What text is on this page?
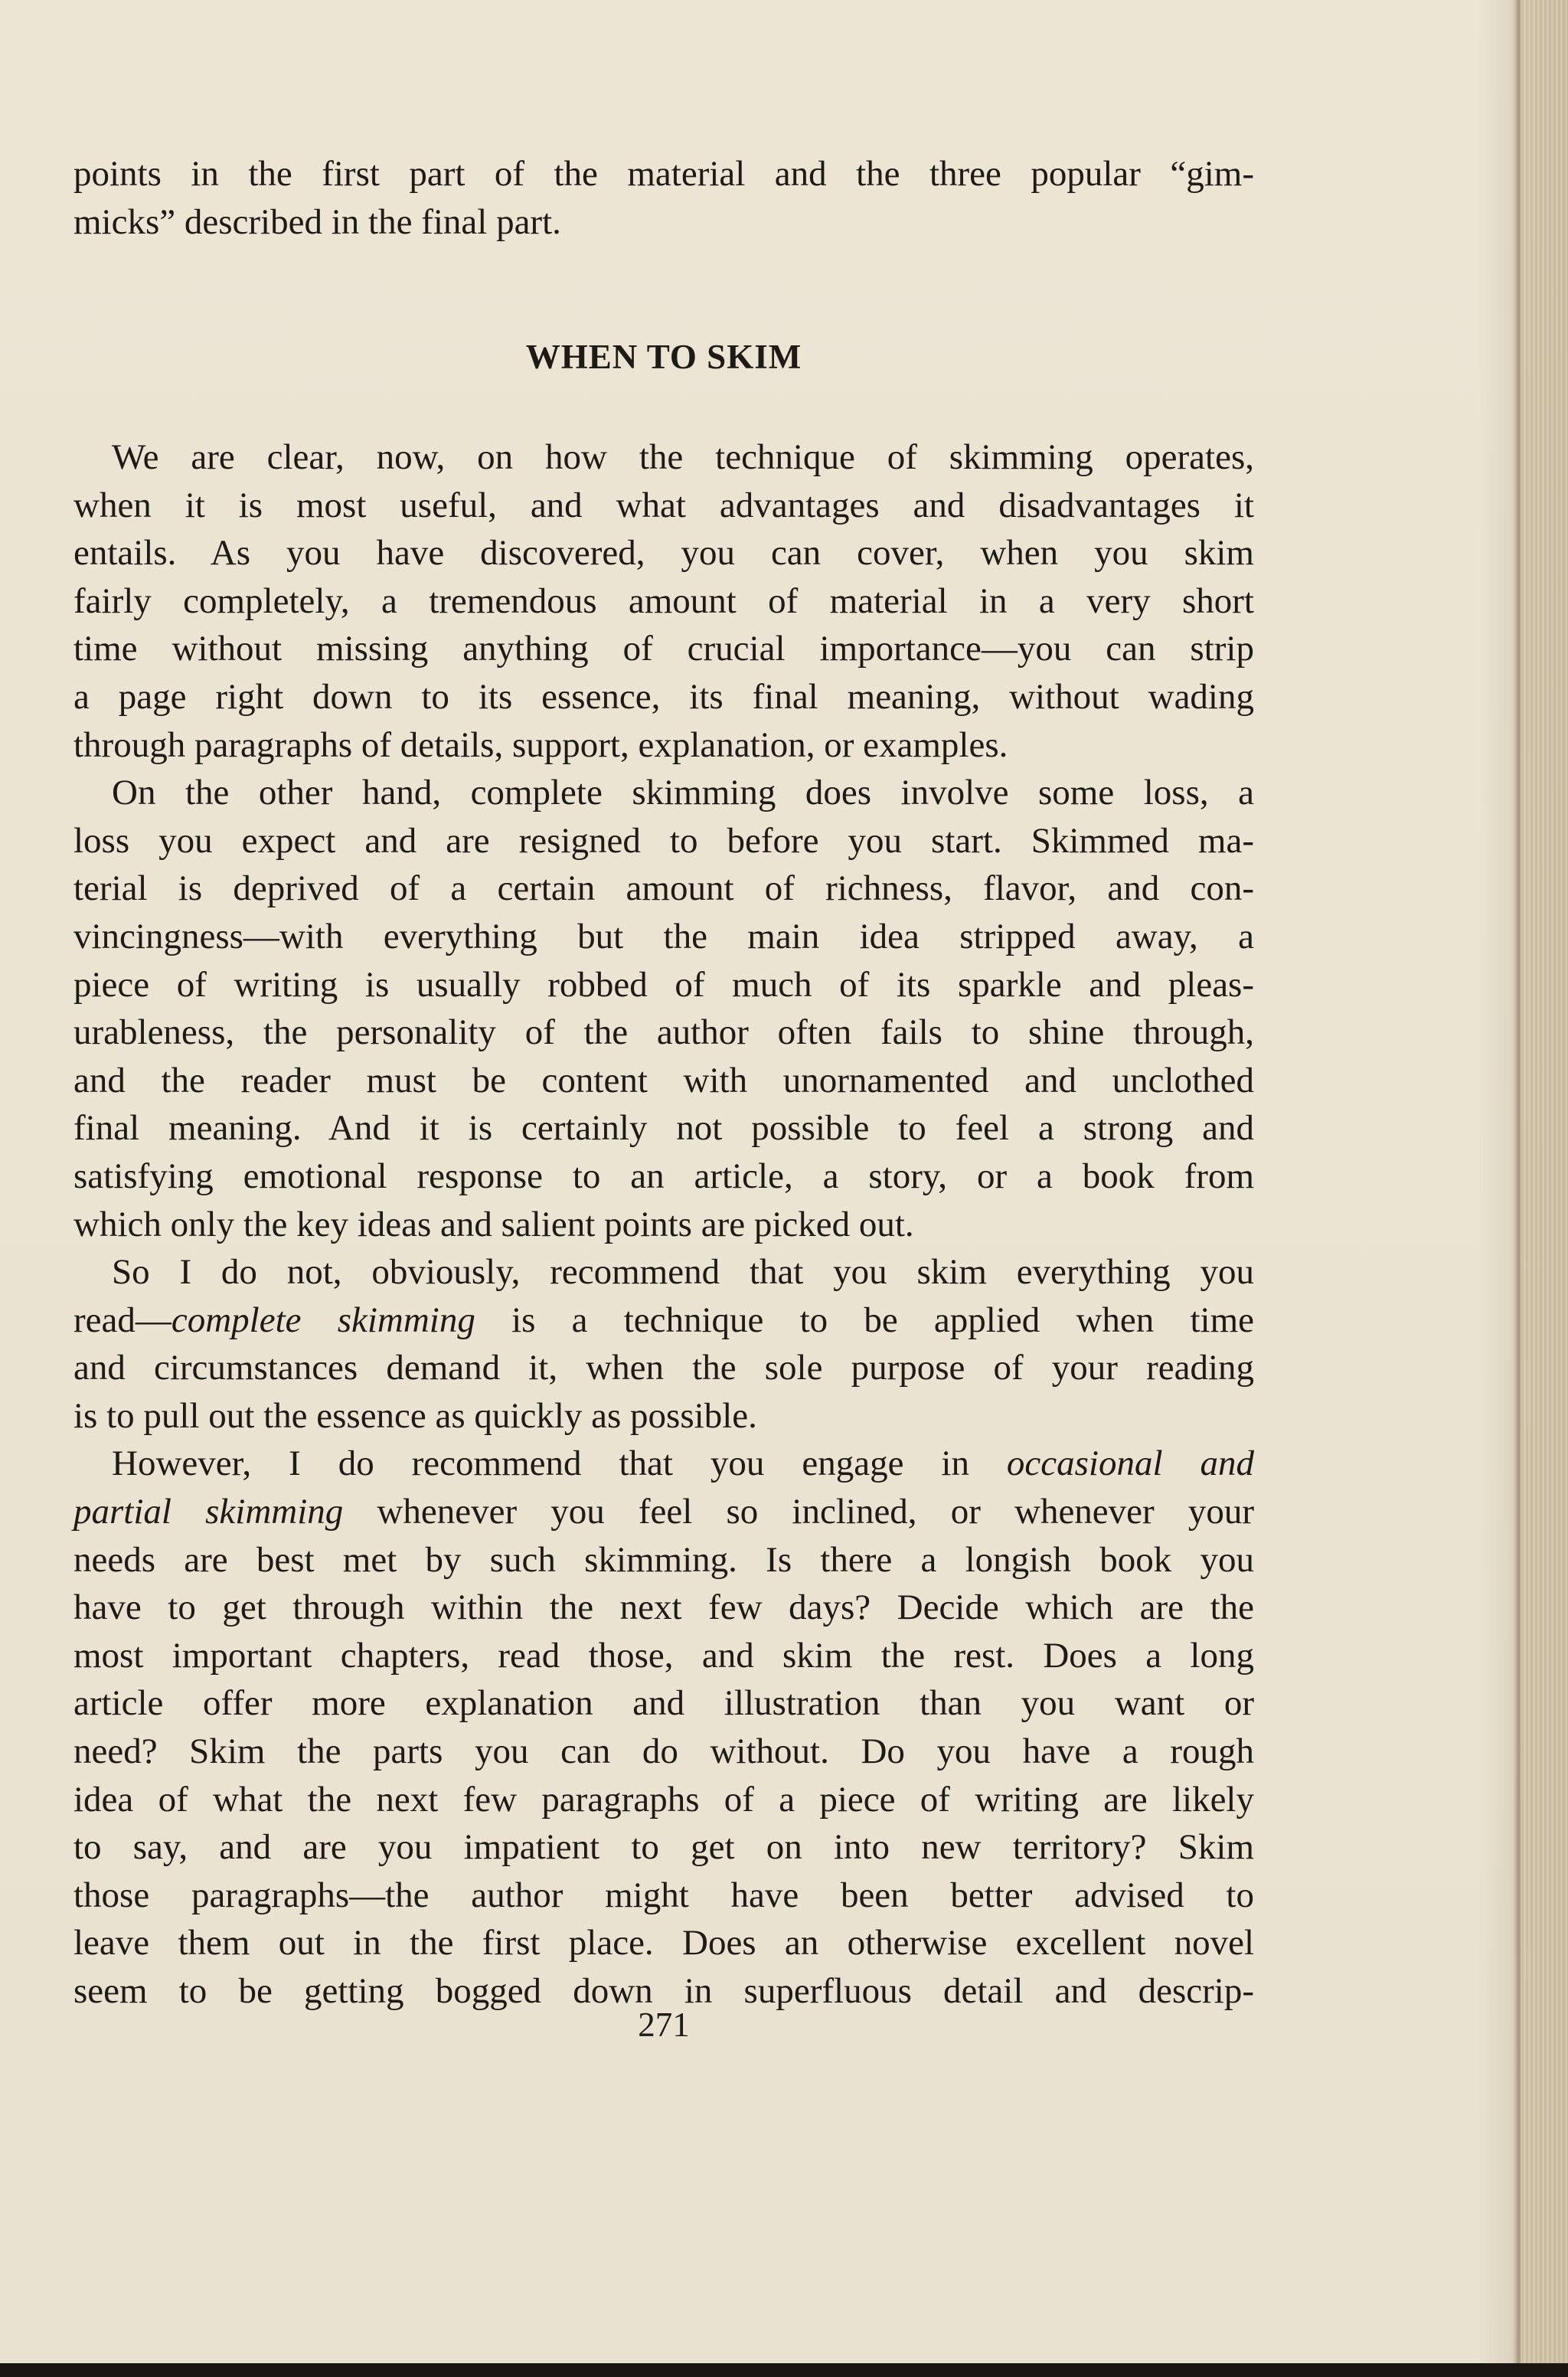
points in the first part of the material and the three popular “gim-
micks” described in the final part.
WHEN TO SKIM
We are clear, now, on how the technique of skimming operates,
when it is most useful, and what advantages and disadvantages it
entails. As you have discovered, you can cover, when you skim
fairly completely, a tremendous amount of material in a very short
time without missing anything of crucial importance—you can strip
a page right down to its essence, its final meaning, without wading
through paragraphs of details, support, explanation, or examples.
On the other hand, complete skimming does involve some loss, a
loss you expect and are resigned to before you start. Skimmed ma-
terial is deprived of a certain amount of richness, flavor, and con-
vincingness—with everything but the main idea stripped away, a
piece of writing is usually robbed of much of its sparkle and pleas-
urableness, the personality of the author often fails to shine through,
and the reader must be content with unornamented and unclothed
final meaning. And it is certainly not possible to feel a strong and
satisfying emotional response to an article, a story, or a book from
which only the key ideas and salient points are picked out.
So I do not, obviously, recommend that you skim everything you
read—complete skimming is a technique to be applied when time
and circumstances demand it, when the sole purpose of your reading
is to pull out the essence as quickly as possible.
However, I do recommend that you engage in occasional and
partial skimming whenever you feel so inclined, or whenever your
needs are best met by such skimming. Is there a longish book you
have to get through within the next few days? Decide which are the
most important chapters, read those, and skim the rest. Does a long
article offer more explanation and illustration than you want or
need? Skim the parts you can do without. Do you have a rough
idea of what the next few paragraphs of a piece of writing are likely
to say, and are you impatient to get on into new territory? Skim
those paragraphs—the author might have been better advised to
leave them out in the first place. Does an otherwise excellent novel
seem to be getting bogged down in superfluous detail and descrip-
271
